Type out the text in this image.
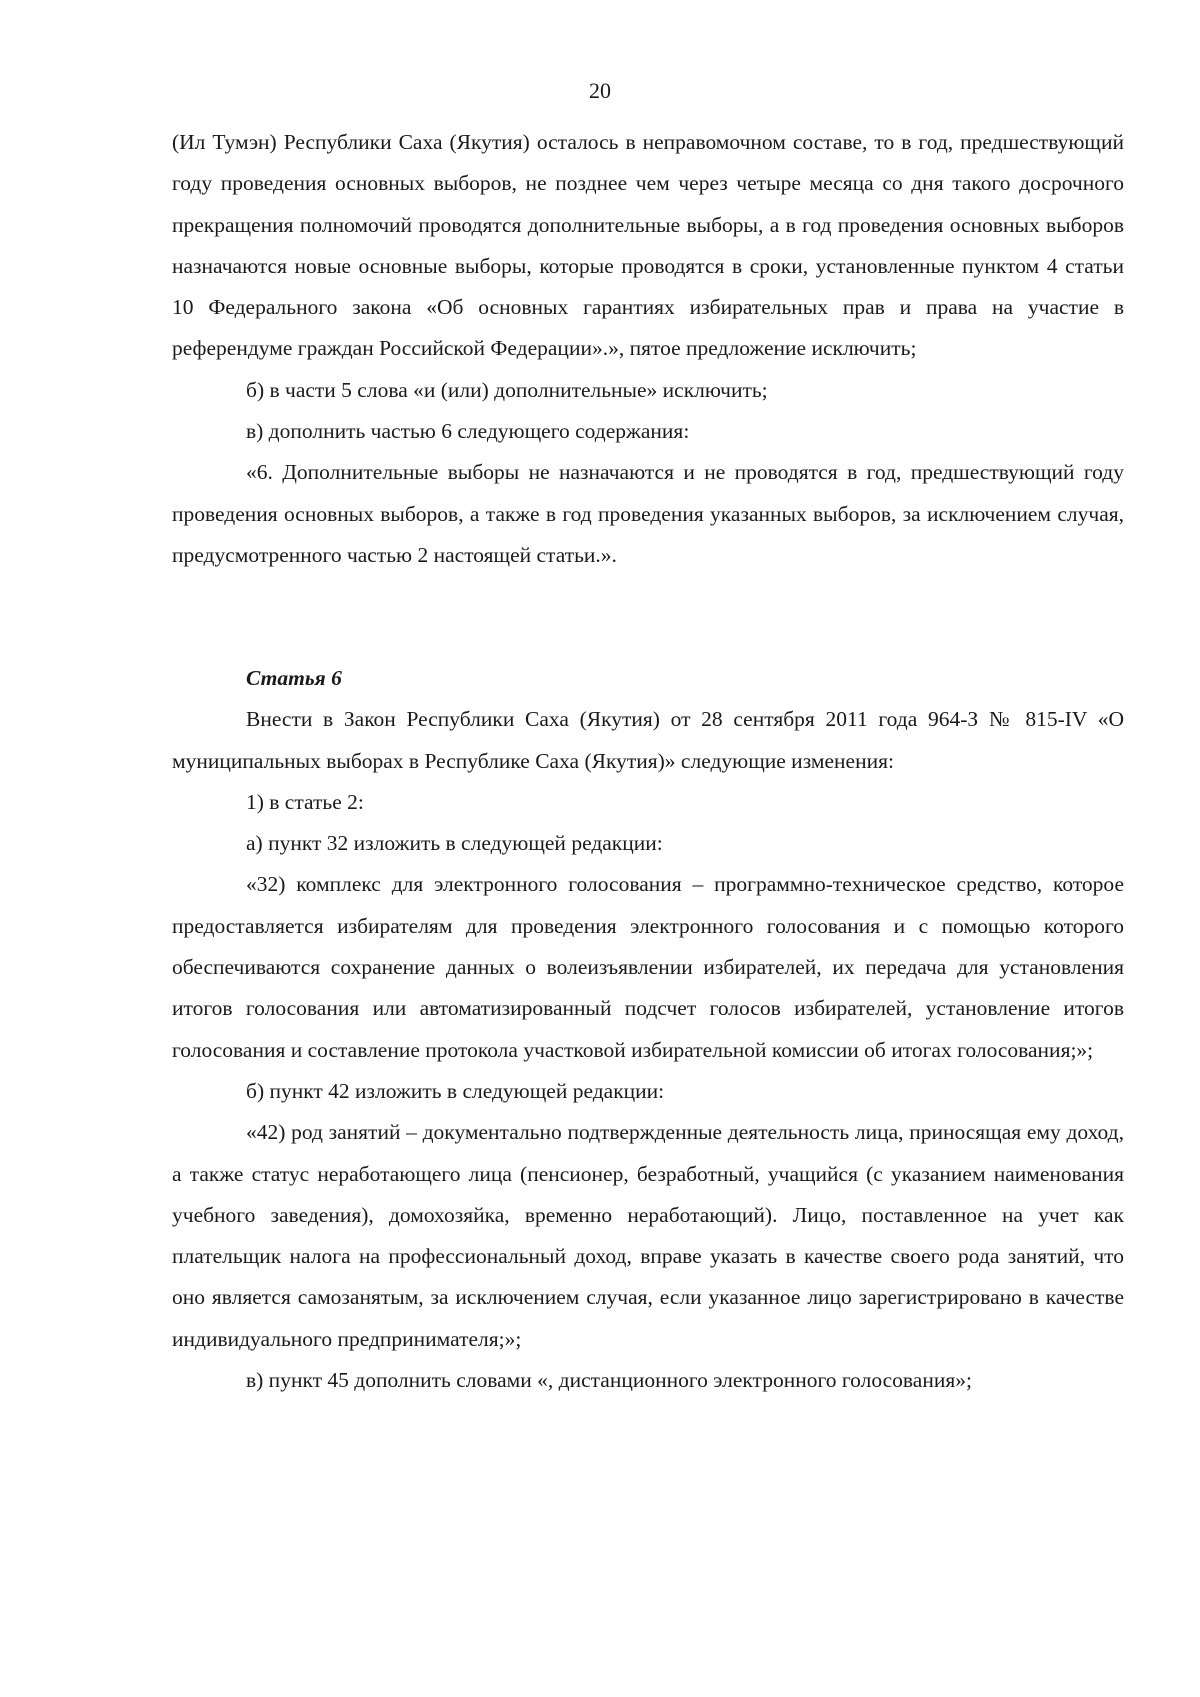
20

(Ил Тумэн) Республики Саха (Якутия) осталось в неправомочном составе, то в год, предшествующий году проведения основных выборов, не позднее чем через четыре месяца со дня такого досрочного прекращения полномочий проводятся дополнительные выборы, а в год проведения основных выборов назначаются новые основные выборы, которые проводятся в сроки, установленные пунктом 4 статьи 10 Федерального закона «Об основных гарантиях избирательных прав и права на участие в референдуме граждан Российской Федерации».», пятое предложение исключить;

б) в части 5 слова «и (или) дополнительные» исключить;

в) дополнить частью 6 следующего содержания:

«6. Дополнительные выборы не назначаются и не проводятся в год, предшествующий году проведения основных выборов, а также в год проведения указанных выборов, за исключением случая, предусмотренного частью 2 настоящей статьи.».

Статья 6

Внести в Закон Республики Саха (Якутия) от 28 сентября 2011 года 964-З № 815-IV «О муниципальных выборах в Республике Саха (Якутия)» следующие изменения:

1) в статье 2:

а) пункт 32 изложить в следующей редакции:

«32) комплекс для электронного голосования – программно-техническое средство, которое предоставляется избирателям для проведения электронного голосования и с помощью которого обеспечиваются сохранение данных о волеизъявлении избирателей, их передача для установления итогов голосования или автоматизированный подсчет голосов избирателей, установление итогов голосования и составление протокола участковой избирательной комиссии об итогах голосования;»;

б) пункт 42 изложить в следующей редакции:

«42) род занятий – документально подтвержденные деятельность лица, приносящая ему доход, а также статус неработающего лица (пенсионер, безработный, учащийся (с указанием наименования учебного заведения), домохозяйка, временно неработающий). Лицо, поставленное на учет как плательщик налога на профессиональный доход, вправе указать в качестве своего рода занятий, что оно является самозанятым, за исключением случая, если указанное лицо зарегистрировано в качестве индивидуального предпринимателя;»;

в) пункт 45 дополнить словами «, дистанционного электронного голосования»;
